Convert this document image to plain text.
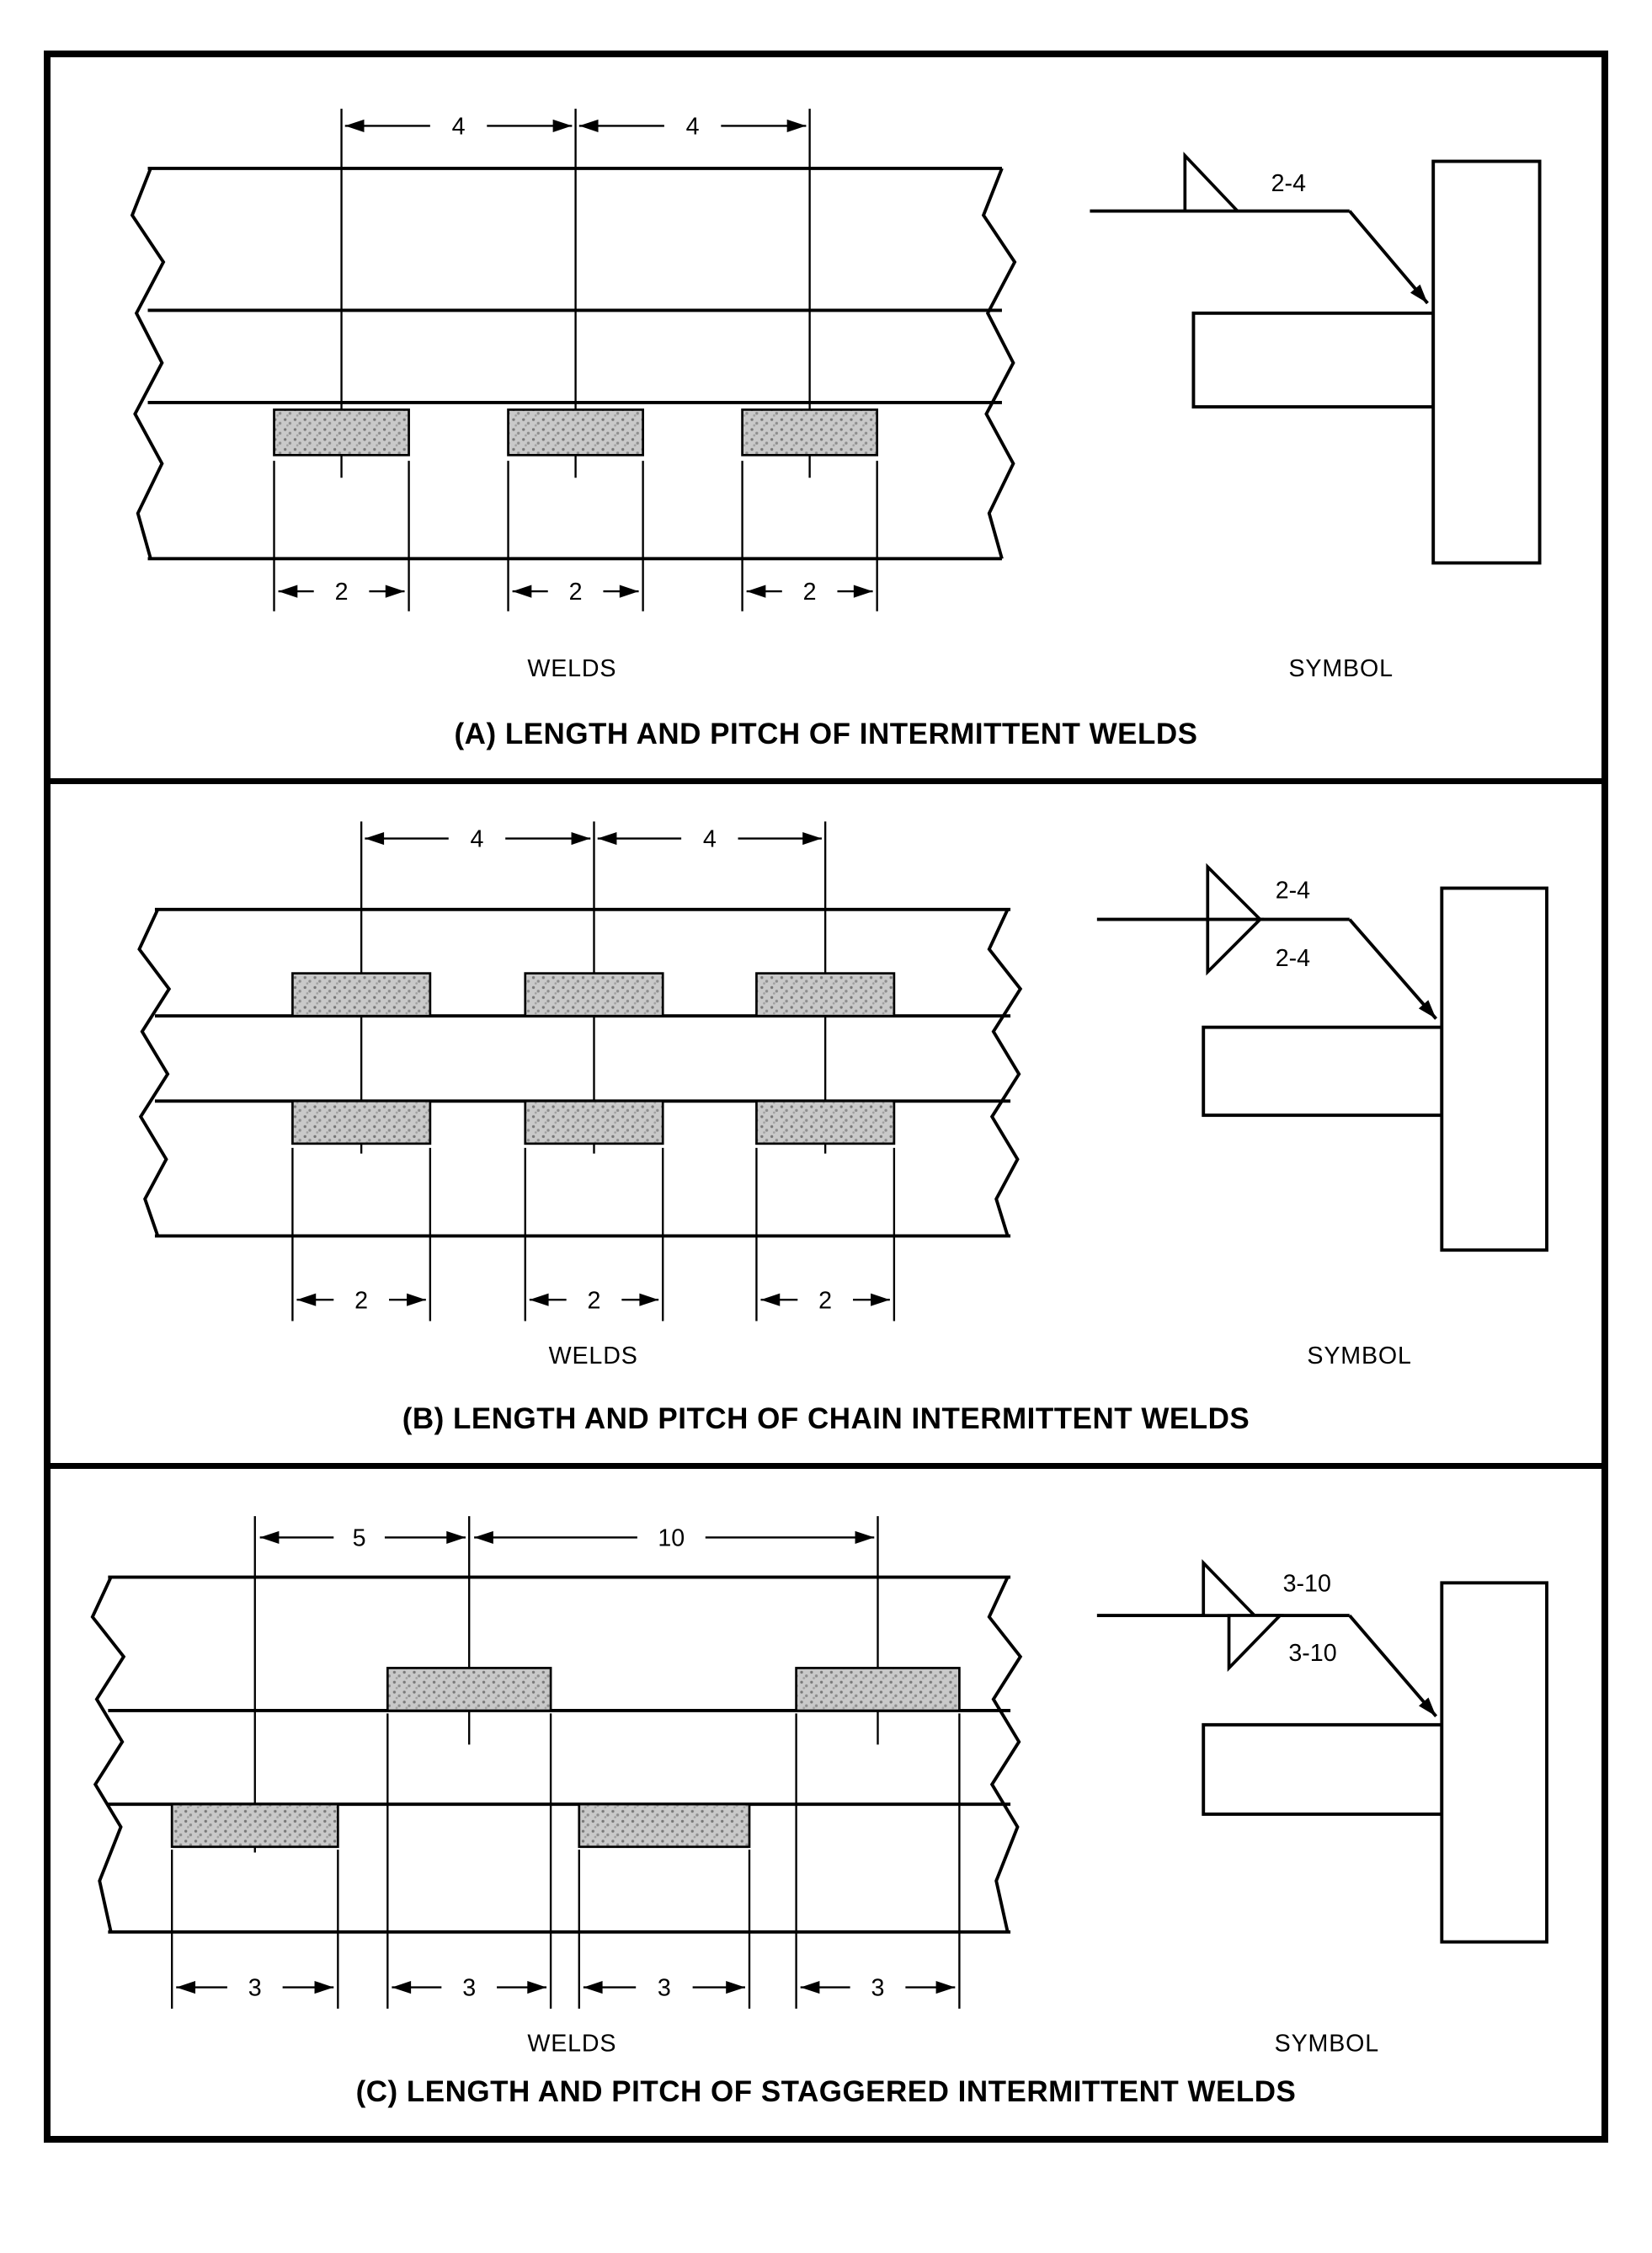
4	4
2	2	2
WELDS
2-4
SYMBOL
(A) LENGTH AND PITCH OF INTERMITTENT WELDS
4	4
2	2	2
WELDS
2-4
2-4
SYMBOL
(B) LENGTH AND PITCH OF CHAIN INTERMITTENT WELDS
5	10
3	3	3	3
WELDS
3-10
3-10
SYMBOL
(C) LENGTH AND PITCH OF STAGGERED INTERMITTENT WELDS
